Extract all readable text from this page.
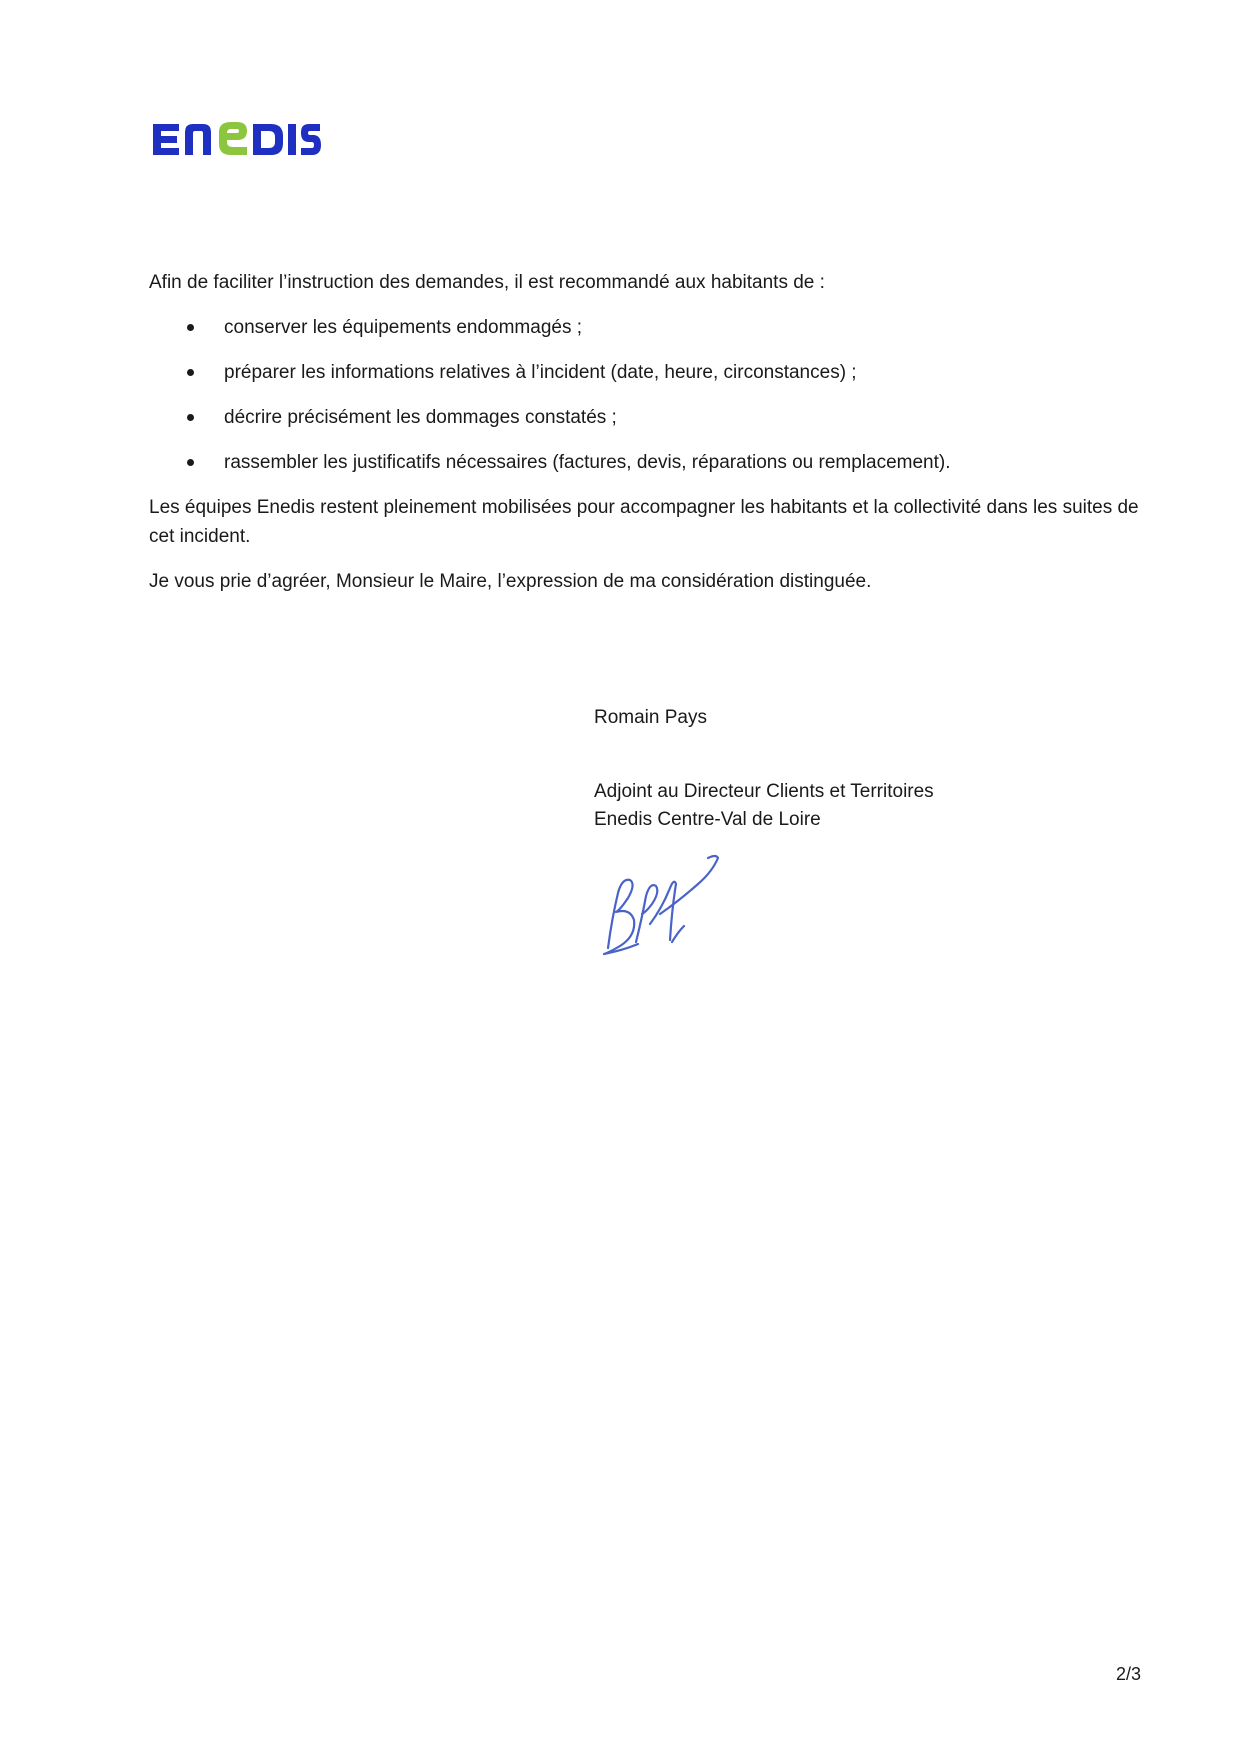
Afin de faciliter l’instruction des demandes, il est recommandé aux habitants de :

conserver les équipements endommagés ;
préparer les informations relatives à l’incident (date, heure, circonstances) ;
décrire précisément les dommages constatés ;
rassembler les justificatifs nécessaires (factures, devis, réparations ou remplacement).

Les équipes Enedis restent pleinement mobilisées pour accompagner les habitants et la collectivité dans les suites de cet incident.

Je vous prie d’agréer, Monsieur le Maire, l’expression de ma considération distinguée.

Romain Pays

Adjoint au Directeur Clients et Territoires

Enedis Centre-Val de Loire

2/3
